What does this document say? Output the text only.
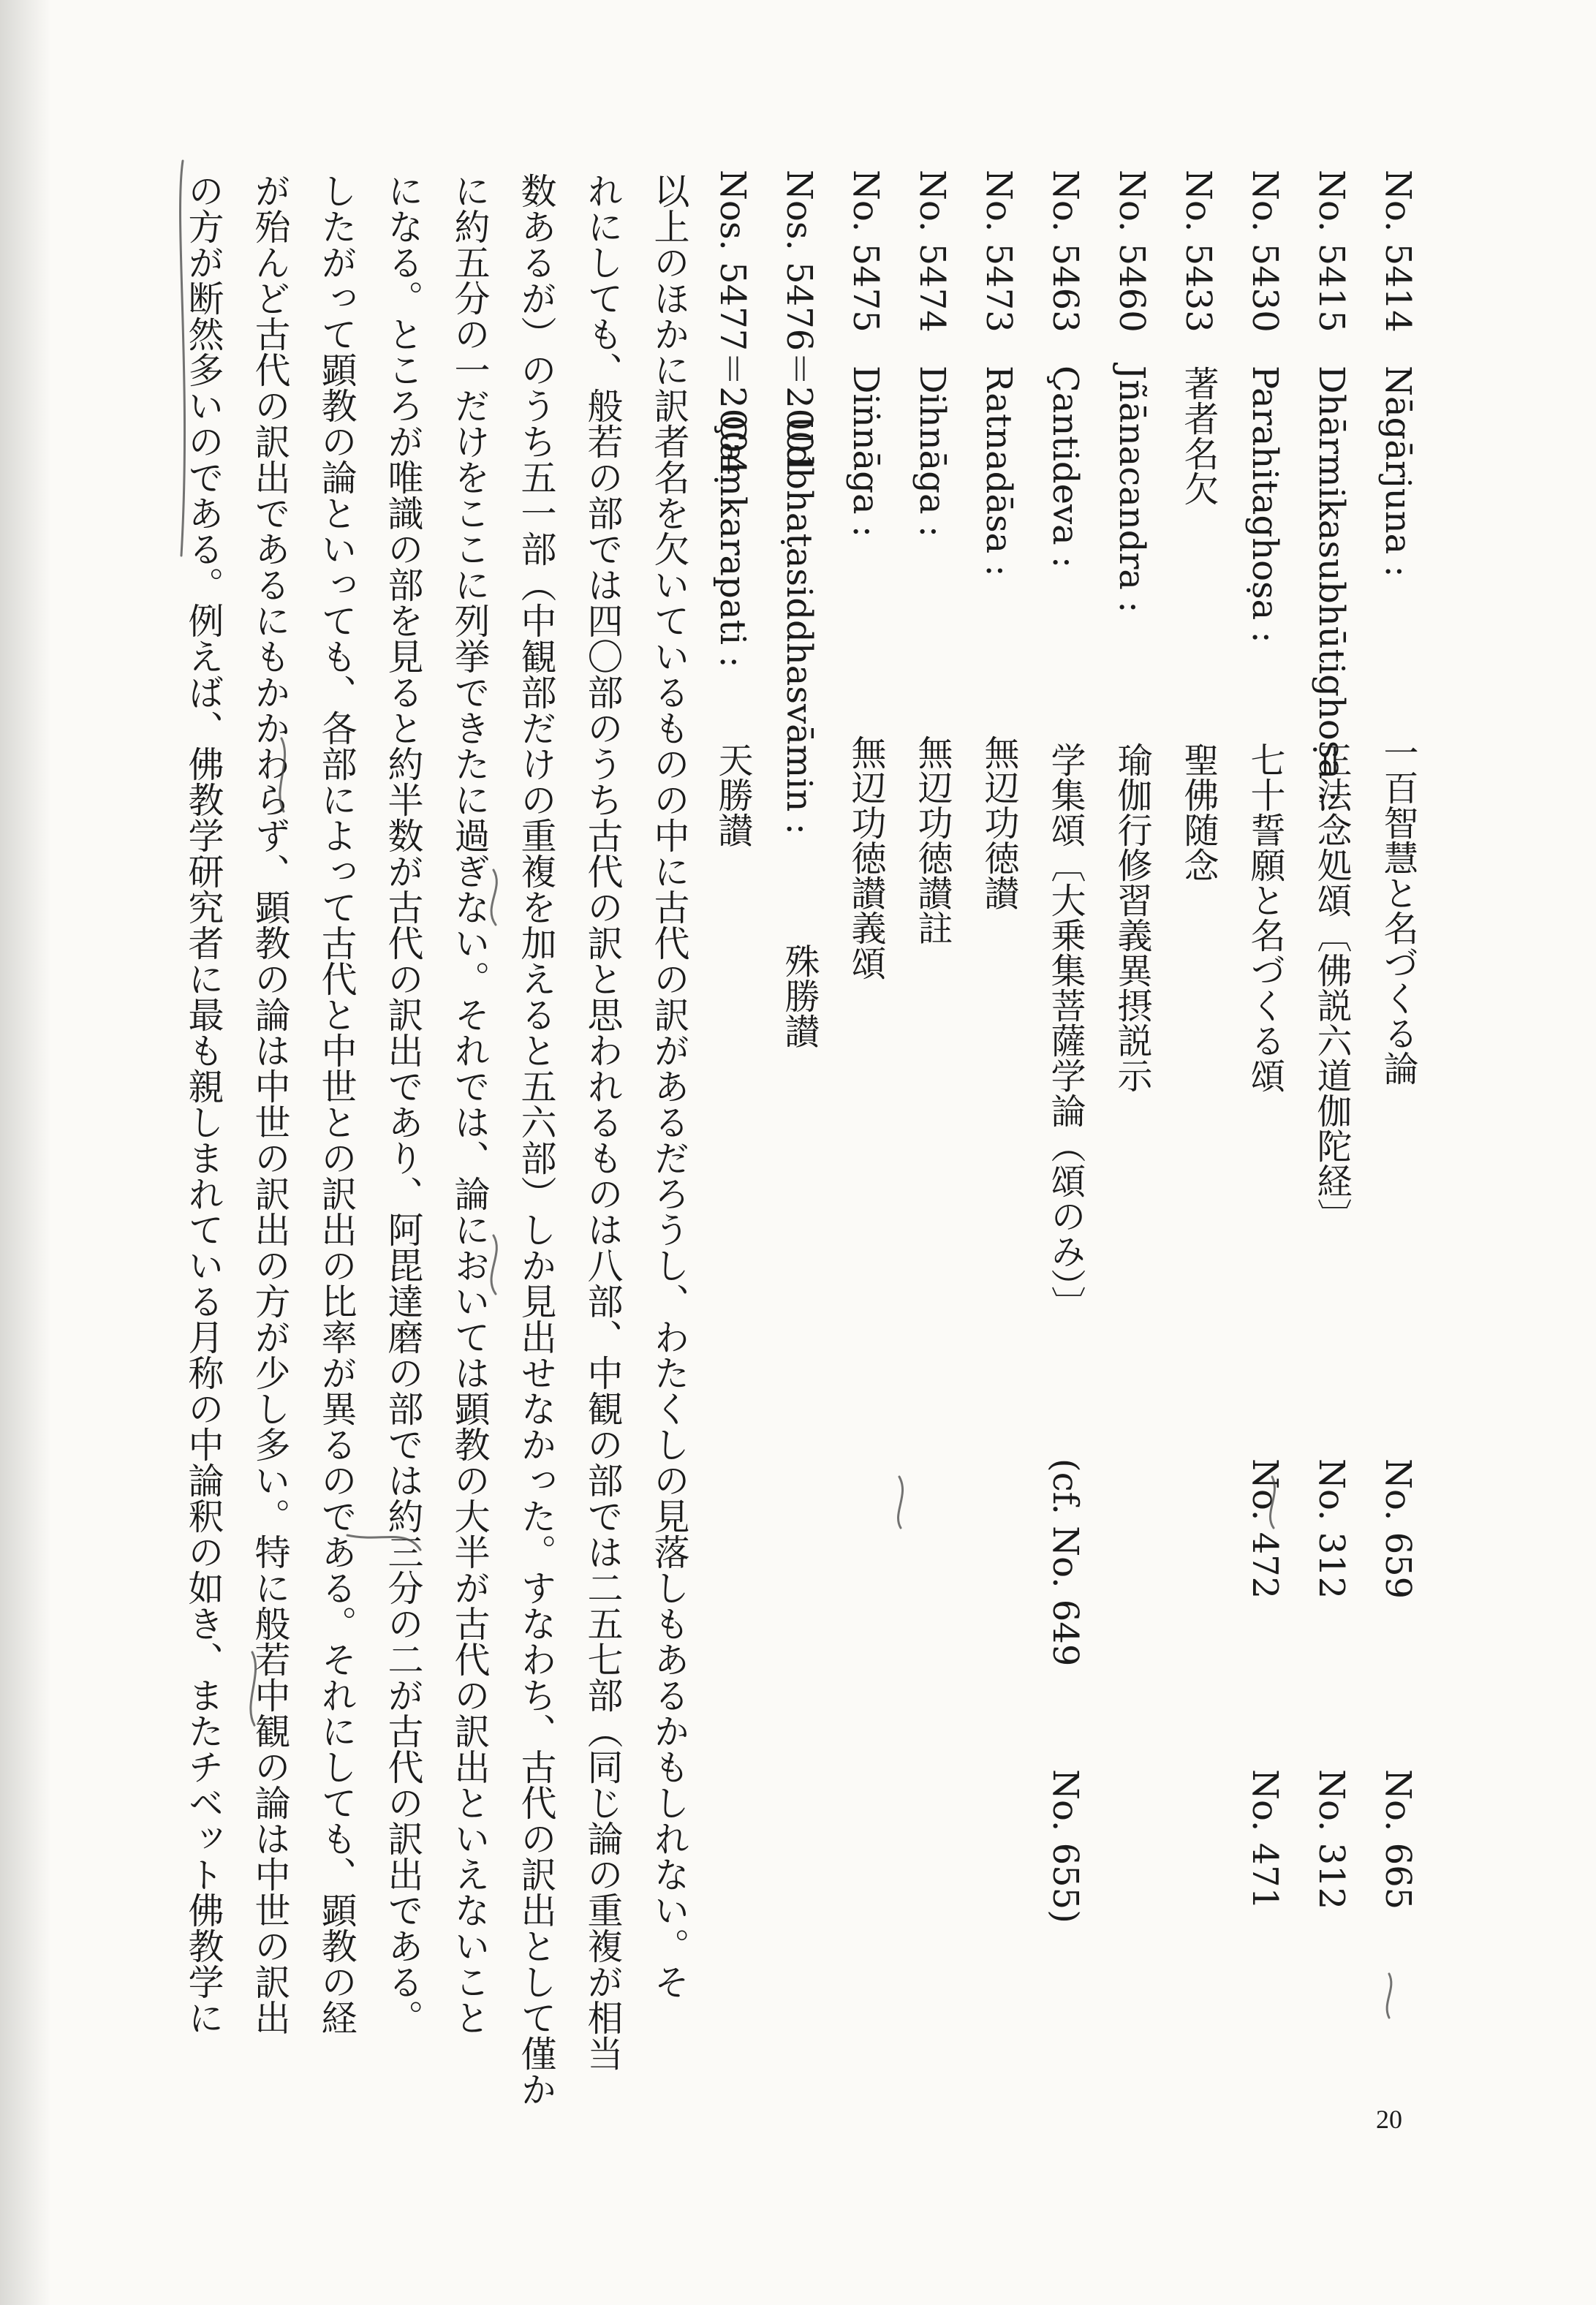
No. 5414
Nāgārjuna :
一百智慧と名づくる論
No. 659
No. 665
No. 5415
Dhārmikasubhūtighoṣa :
正法念処頌〔佛説六道伽陀経〕
No. 312
No. 312
No. 5430
Parahitaghoṣa :
七十誓願と名づくる頌
No. 472
No. 471
No. 5433
著者名欠
聖佛随念
No. 5460
Jñānacandra :
瑜伽行修習義異摂説示
No. 5463
Çantideva :
学集頌〔大乗集菩薩学論（頌のみ）〕
(cf. No. 649
No. 655)
No. 5473
Ratnadāsa :
無辺功徳讃
No. 5474
Dihnāga :
無辺功徳讃註
No. 5475
Diṅnāga :
無辺功徳讃義頌
Nos. 5476＝2001
Udbhaṭasiddhasvāmin :
殊勝讃
Nos. 5477＝2004
Çaṃkarapati :
天勝讃
以上のほかに訳者名を欠いているものの中に古代の訳があるだろうし、わたくしの見落しもあるかもしれない。そ
れにしても、般若の部では四〇部のうち古代の訳と思われるものは八部、中観の部では二五七部（同じ論の重複が相当
数あるが）のうち五一部（中観部だけの重複を加えると五六部）しか見出せなかった。すなわち、古代の訳出として僅か
に約五分の一だけをここに列挙できたに過ぎない。それでは、論においては顕教の大半が古代の訳出といえないこと
になる。ところが唯識の部を見ると約半数が古代の訳出であり、阿毘達磨の部では約三分の二が古代の訳出である。
したがって顕教の論といっても、各部によって古代と中世との訳出の比率が異るのである。それにしても、顕教の経
が殆んど古代の訳出であるにもかかわらず、顕教の論は中世の訳出の方が少し多い。特に般若中観の論は中世の訳出
の方が断然多いのである。例えば、佛教学研究者に最も親しまれている月称の中論釈の如き、またチベット佛教学に
20
